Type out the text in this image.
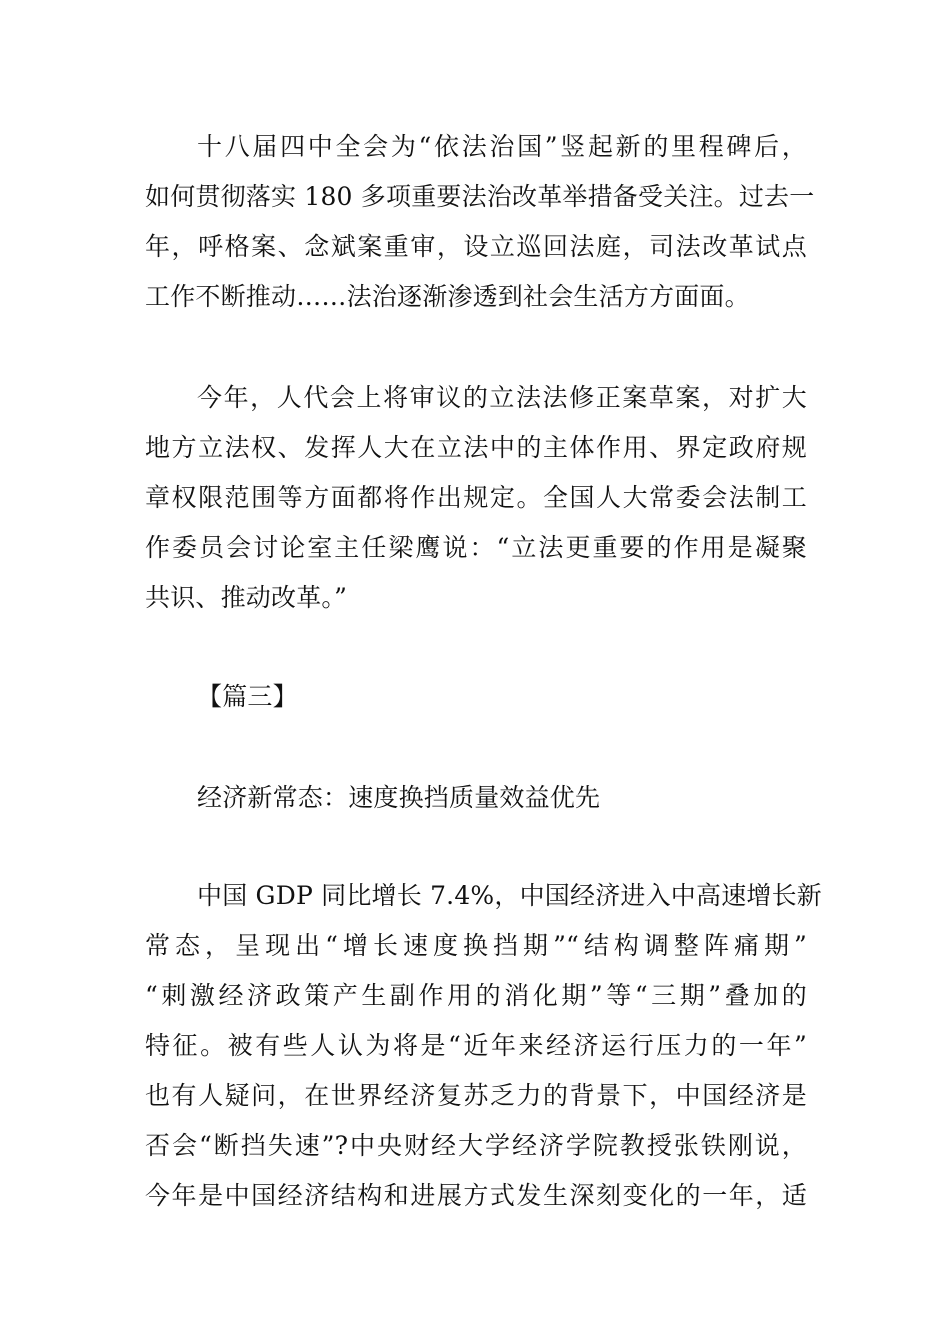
十八届四中全会为“依法治国”竖起新的里程碑后，
如何贯彻落实 180 多项重要法治改革举措备受关注。过去一
年，呼格案、念斌案重审，设立巡回法庭，司法改革试点
工作不断推动……法治逐渐渗透到社会生活方方面面。
今年，人代会上将审议的立法法修正案草案，对扩大
地方立法权、发挥人大在立法中的主体作用、界定政府规
章权限范围等方面都将作出规定。全国人大常委会法制工
作委员会讨论室主任梁鹰说：“立法更重要的作用是凝聚
共识、推动改革。”
【篇三】
经济新常态：速度换挡质量效益优先
中国 GDP 同比增长 7.4%，中国经济进入中高速增长新
常态，呈现出“增长速度换挡期”“结构调整阵痛期”
“刺激经济政策产生副作用的消化期”等“三期”叠加的
特征。被有些人认为将是“近年来经济运行压力的一年”
也有人疑问，在世界经济复苏乏力的背景下，中国经济是
否会“断挡失速”?中央财经大学经济学院教授张铁刚说，
今年是中国经济结构和进展方式发生深刻变化的一年，适
